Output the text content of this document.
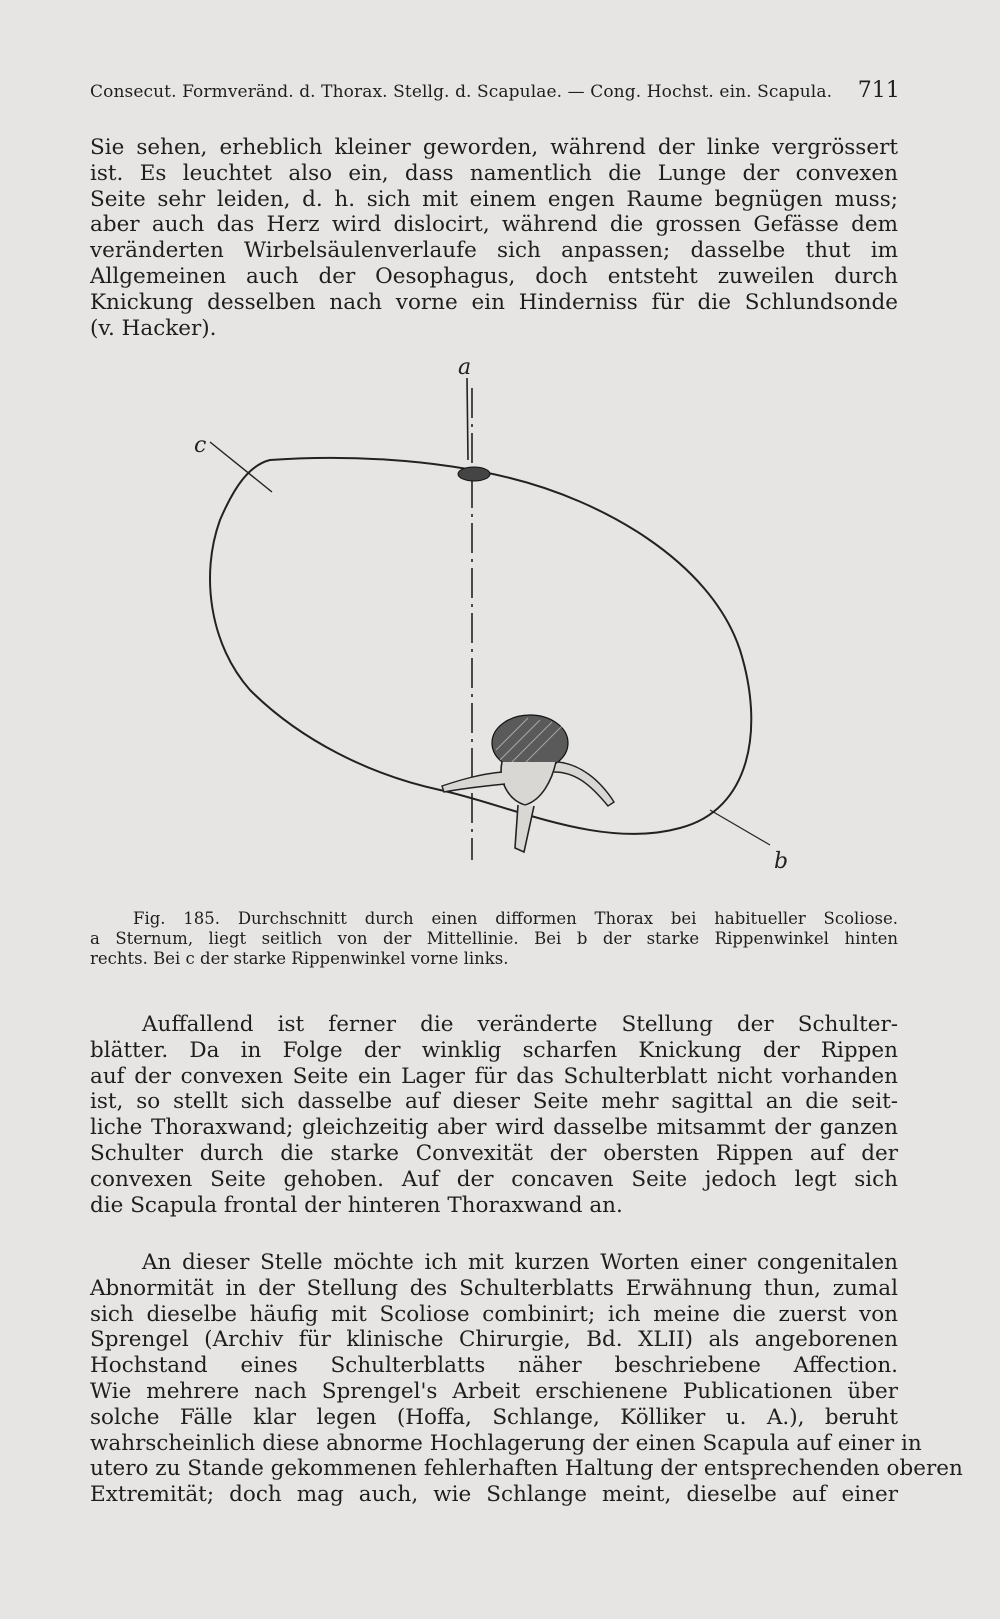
Consecut. Formveränd. d. Thorax. Stellg. d. Scapulae. — Cong. Hochst. ein. Scapula. 711
Sie sehen, erheblich kleiner geworden, während der linke vergrössert
ist. Es leuchtet also ein, dass namentlich die Lunge der convexen
Seite sehr leiden, d. h. sich mit einem engen Raume begnügen muss;
aber auch das Herz wird dislocirt, während die grossen Gefässe dem
veränderten Wirbelsäulenverlaufe sich anpassen; dasselbe thut im
Allgemeinen auch der Oesophagus, doch entsteht zuweilen durch
Knickung desselben nach vorne ein Hinderniss für die Schlundsonde
(v. Hacker).
a
c
b
Fig. 185. Durchschnitt durch einen difformen Thorax bei habitueller Scoliose.
a Sternum, liegt seitlich von der Mittellinie. Bei b der starke Rippenwinkel hinten
rechts. Bei c der starke Rippenwinkel vorne links.
Auffallend ist ferner die veränderte Stellung der Schulter-
blätter. Da in Folge der winklig scharfen Knickung der Rippen
auf der convexen Seite ein Lager für das Schulterblatt nicht vorhanden
ist, so stellt sich dasselbe auf dieser Seite mehr sagittal an die seit-
liche Thoraxwand; gleichzeitig aber wird dasselbe mitsammt der ganzen
Schulter durch die starke Convexität der obersten Rippen auf der
convexen Seite gehoben. Auf der concaven Seite jedoch legt sich
die Scapula frontal der hinteren Thoraxwand an.
An dieser Stelle möchte ich mit kurzen Worten einer congenitalen
Abnormität in der Stellung des Schulterblatts Erwähnung thun, zumal
sich dieselbe häufig mit Scoliose combinirt; ich meine die zuerst von
Sprengel (Archiv für klinische Chirurgie, Bd. XLII) als angeborenen
Hochstand eines Schulterblatts näher beschriebene Affection.
Wie mehrere nach Sprengel's Arbeit erschienene Publicationen über
solche Fälle klar legen (Hoffa, Schlange, Kölliker u. A.), beruht
wahrscheinlich diese abnorme Hochlagerung der einen Scapula auf einer in
utero zu Stande gekommenen fehlerhaften Haltung der entsprechenden oberen
Extremität; doch mag auch, wie Schlange meint, dieselbe auf einer
